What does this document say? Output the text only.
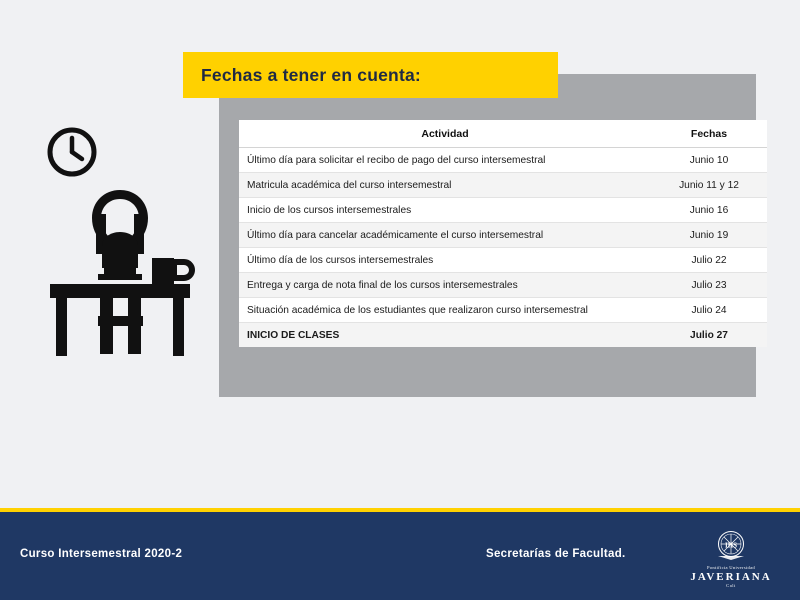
Fechas a tener en cuenta:
Actividad	Fechas
Último día para solicitar el recibo de pago del curso intersemestral	Junio 10
Matricula académica del curso intersemestral	Junio 11 y 12
Inicio de los cursos intersemestrales	Junio 16
Último día para cancelar académicamente el curso intersemestral	Junio 19
Último día de los cursos intersemestrales	Julio 22
Entrega y carga de nota final de los cursos intersemestrales	Julio 23
Situación académica de los estudiantes que realizaron curso intersemestral	Julio 24
INICIO DE CLASES	Julio 27
Curso Intersemestral 2020-2	Secretarías de Facultad.
IHS
Pontificia Universidad
JAVERIANA
Cali
